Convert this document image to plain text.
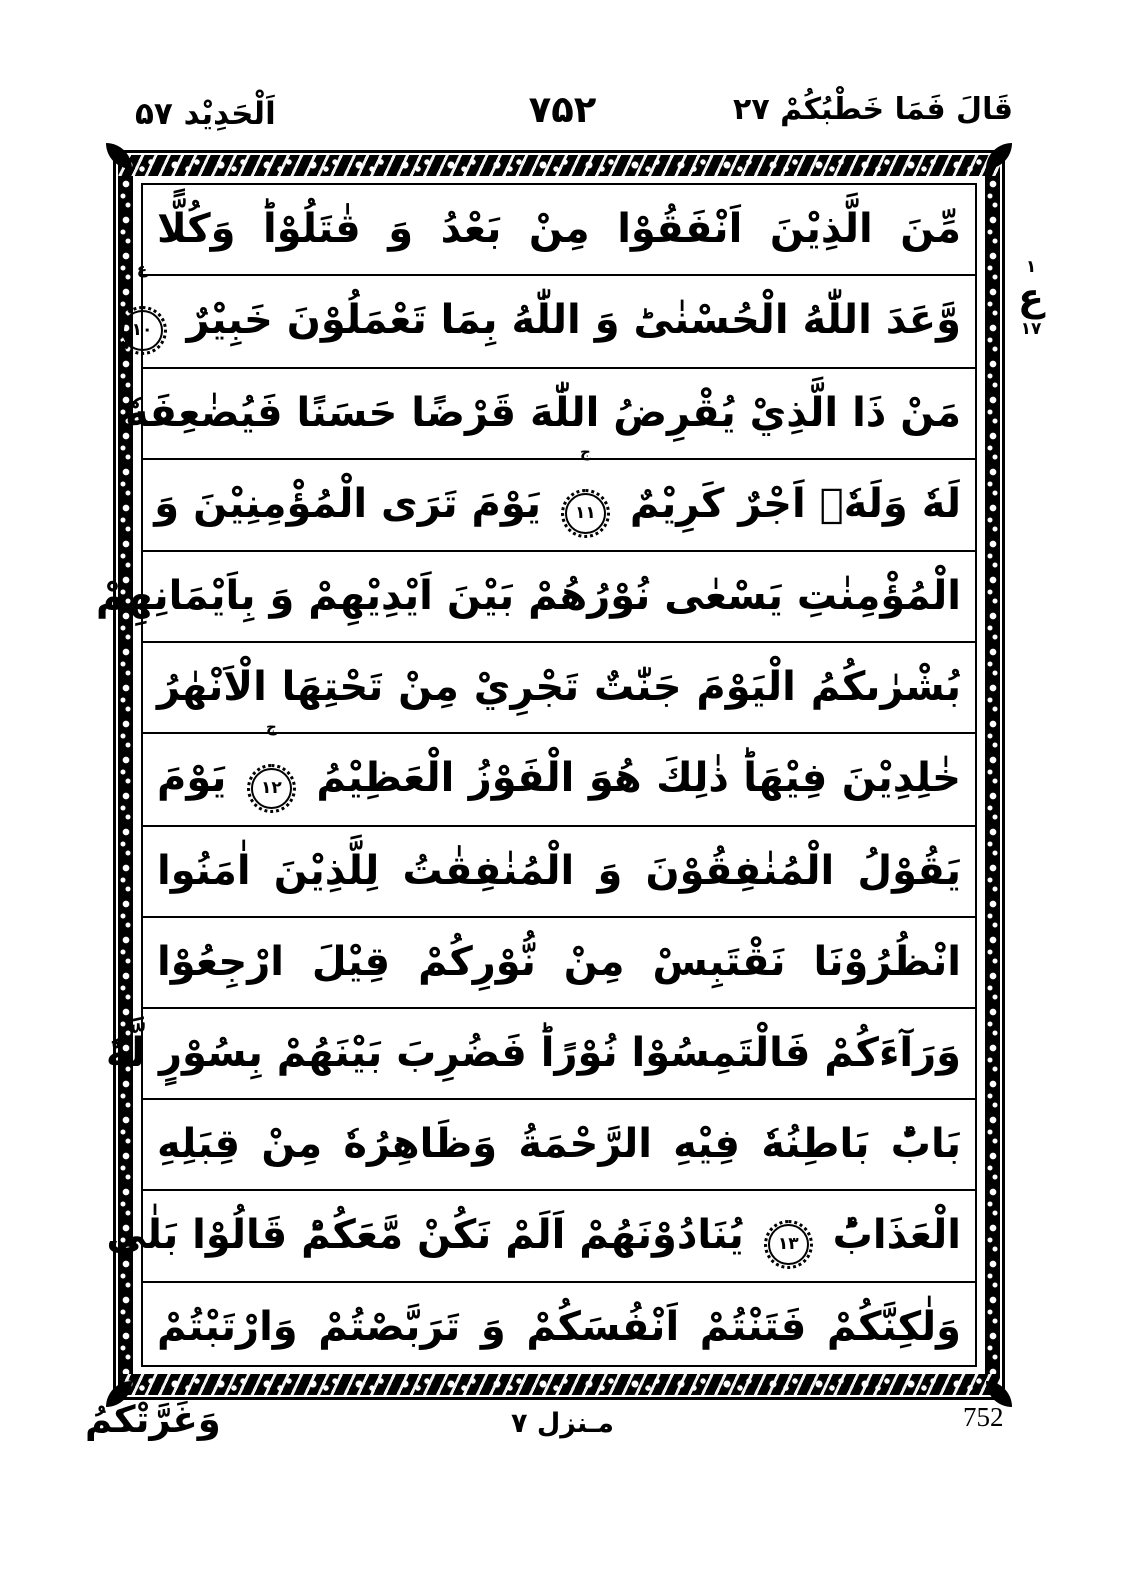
اَلْحَدِيْد ۵۷	۷۵۲	قَالَ فَمَا خَطْبُكُمْ ۲۷
مِّنَ الَّذِيْنَ اَنْفَقُوْا مِنْ بَعْدُ وَ قٰتَلُوْاؕ وَكُلًّا
وَّعَدَ اللّٰهُ الْحُسْنٰىؕ وَ اللّٰهُ بِمَا تَعْمَلُوْنَ خَبِيْرٌ
ع
۱۰
مَنْ ذَا الَّذِيْ يُقْرِضُ اللّٰهَ قَرْضًا حَسَنًا فَيُضٰعِفَهٗ
لَهٗ وَلَهٗۤ اَجْرٌ كَرِيْمٌ
ج
۱۱ يَوْمَ تَرَى الْمُؤْمِنِيْنَ وَ
الْمُؤْمِنٰتِ يَسْعٰى نُوْرُهُمْ بَيْنَ اَيْدِيْهِمْ وَ بِاَيْمَانِهِمْ
بُشْرٰىكُمُ الْيَوْمَ جَنّٰتٌ تَجْرِيْ مِنْ تَحْتِهَا الْاَنْهٰرُ
خٰلِدِيْنَ فِيْهَاؕ ذٰلِكَ هُوَ الْفَوْزُ الْعَظِيْمُ
ج
۱۲ يَوْمَ
يَقُوْلُ الْمُنٰفِقُوْنَ وَ الْمُنٰفِقٰتُ لِلَّذِيْنَ اٰمَنُوا
انْظُرُوْنَا نَقْتَبِسْ مِنْ نُّوْرِكُمْ قِيْلَ ارْجِعُوْا
وَرَآءَكُمْ فَالْتَمِسُوْا نُوْرًاؕ فَضُرِبَ بَيْنَهُمْ بِسُوْرٍ لَّهٗ
بَابٌؕ بَاطِنُهٗ فِيْهِ الرَّحْمَةُ وَظَاهِرُهٗ مِنْ قِبَلِهِ
الْعَذَابُؕ ۱۳ يُنَادُوْنَهُمْ اَلَمْ نَكُنْ مَّعَكُمْؕ قَالُوْا بَلٰى
وَلٰكِنَّكُمْ فَتَنْتُمْ اَنْفُسَكُمْ وَ تَرَبَّصْتُمْ وَارْتَبْتُمْ
۱
ع
۱۷
وَغَرَّتْكُمُ	مـنزل ۷	752
